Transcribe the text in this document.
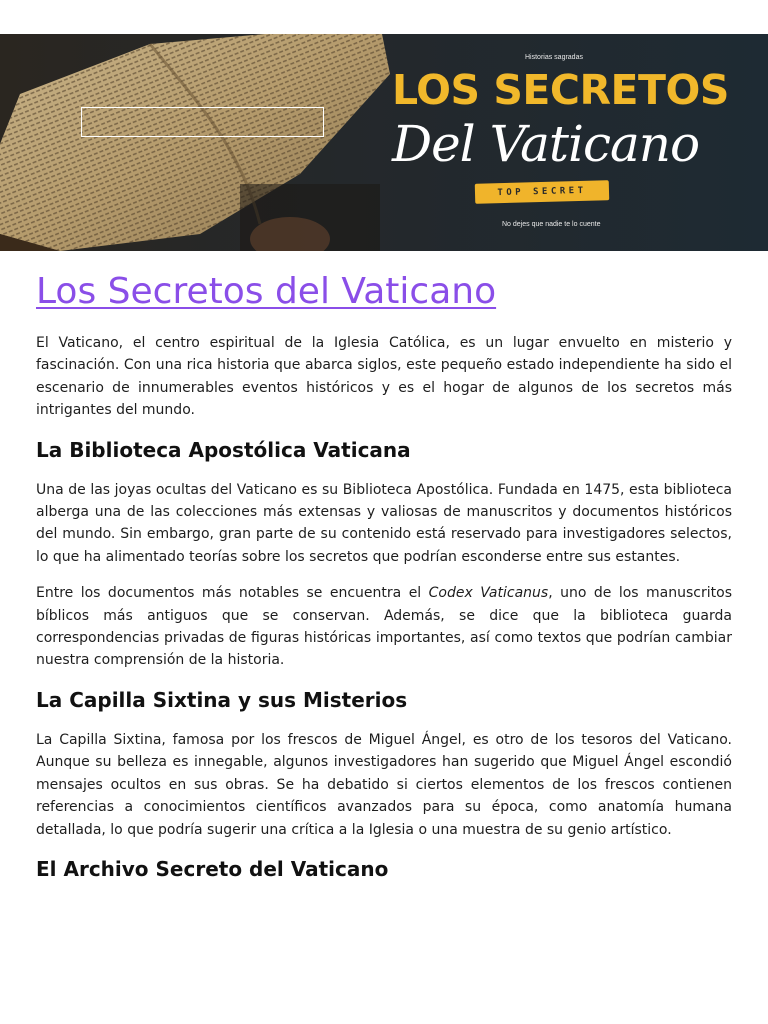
Historias sagradas
LOS SECRETOS
Del Vaticano
TOP SECRET
No dejes que nadie te lo cuente
Los Secretos del Vaticano

El Vaticano, el centro espiritual de la Iglesia Católica, es un lugar envuelto en misterio y fascinación. Con una rica historia que abarca siglos, este pequeño estado independiente ha sido el escenario de innumerables eventos históricos y es el hogar de algunos de los secretos más intrigantes del mundo.

La Biblioteca Apostólica Vaticana

Una de las joyas ocultas del Vaticano es su Biblioteca Apostólica. Fundada en 1475, esta biblioteca alberga una de las colecciones más extensas y valiosas de manuscritos y documentos históricos del mundo. Sin embargo, gran parte de su contenido está reservado para investigadores selectos, lo que ha alimentado teorías sobre los secretos que podrían esconderse entre sus estantes.

Entre los documentos más notables se encuentra el Codex Vaticanus, uno de los manuscritos bíblicos más antiguos que se conservan. Además, se dice que la biblioteca guarda correspondencias privadas de figuras históricas importantes, así como textos que podrían cambiar nuestra comprensión de la historia.

La Capilla Sixtina y sus Misterios

La Capilla Sixtina, famosa por los frescos de Miguel Ángel, es otro de los tesoros del Vaticano. Aunque su belleza es innegable, algunos investigadores han sugerido que Miguel Ángel escondió mensajes ocultos en sus obras. Se ha debatido si ciertos elementos de los frescos contienen referencias a conocimientos científicos avanzados para su época, como anatomía humana detallada, lo que podría sugerir una crítica a la Iglesia o una muestra de su genio artístico.

El Archivo Secreto del Vaticano
